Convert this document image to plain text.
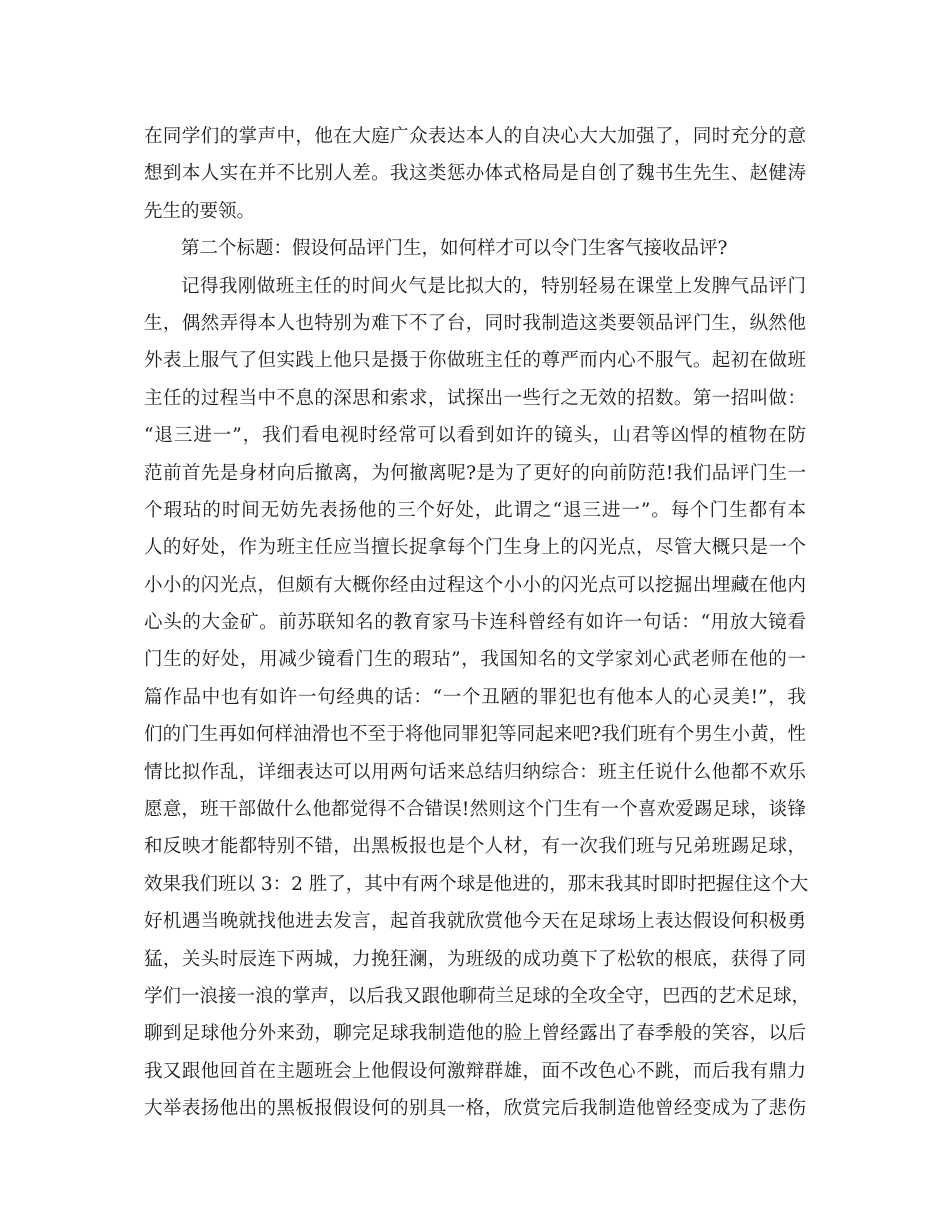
在同学们的掌声中，他在大庭广众表达本人的自决心大大加强了，同时充分的意
想到本人实在并不比别人差。我这类惩办体式格局是自创了魏书生先生、赵健涛
先生的要领。
第二个标题：假设何品评门生，如何样才可以令门生客气接收品评?
记得我刚做班主任的时间火气是比拟大的，特别轻易在课堂上发脾气品评门
生，偶然弄得本人也特别为难下不了台，同时我制造这类要领品评门生，纵然他
外表上服气了但实践上他只是摄于你做班主任的尊严而内心不服气。起初在做班
主任的过程当中不息的深思和索求，试探出一些行之无效的招数。第一招叫做：
“退三进一”，我们看电视时经常可以看到如许的镜头，山君等凶悍的植物在防
范前首先是身材向后撤离，为何撤离呢?是为了更好的向前防范!我们品评门生一
个瑕玷的时间无妨先表扬他的三个好处，此谓之“退三进一”。每个门生都有本
人的好处，作为班主任应当擅长捉拿每个门生身上的闪光点，尽管大概只是一个
小小的闪光点，但颇有大概你经由过程这个小小的闪光点可以挖掘出埋藏在他内
心头的大金矿。前苏联知名的教育家马卡连科曾经有如许一句话：“用放大镜看
门生的好处，用减少镜看门生的瑕玷”，我国知名的文学家刘心武老师在他的一
篇作品中也有如许一句经典的话：“一个丑陋的罪犯也有他本人的心灵美!”，我
们的门生再如何样油滑也不至于将他同罪犯等同起来吧?我们班有个男生小黄，性
情比拟作乱，详细表达可以用两句话来总结归纳综合：班主任说什么他都不欢乐
愿意，班干部做什么他都觉得不合错误!然则这个门生有一个喜欢爱踢足球，谈锋
和反映才能都特别不错，出黑板报也是个人材，有一次我们班与兄弟班踢足球，
效果我们班以 3：2 胜了，其中有两个球是他进的，那末我其时即时把握住这个大
好机遇当晚就找他进去发言，起首我就欣赏他今天在足球场上表达假设何积极勇
猛，关头时辰连下两城，力挽狂澜，为班级的成功奠下了松软的根底，获得了同
学们一浪接一浪的掌声，以后我又跟他聊荷兰足球的全攻全守，巴西的艺术足球，
聊到足球他分外来劲，聊完足球我制造他的脸上曾经露出了春季般的笑容，以后
我又跟他回首在主题班会上他假设何激辩群雄，面不改色心不跳，而后我有鼎力
大举表扬他出的黑板报假设何的别具一格，欣赏完后我制造他曾经变成为了悲伤
